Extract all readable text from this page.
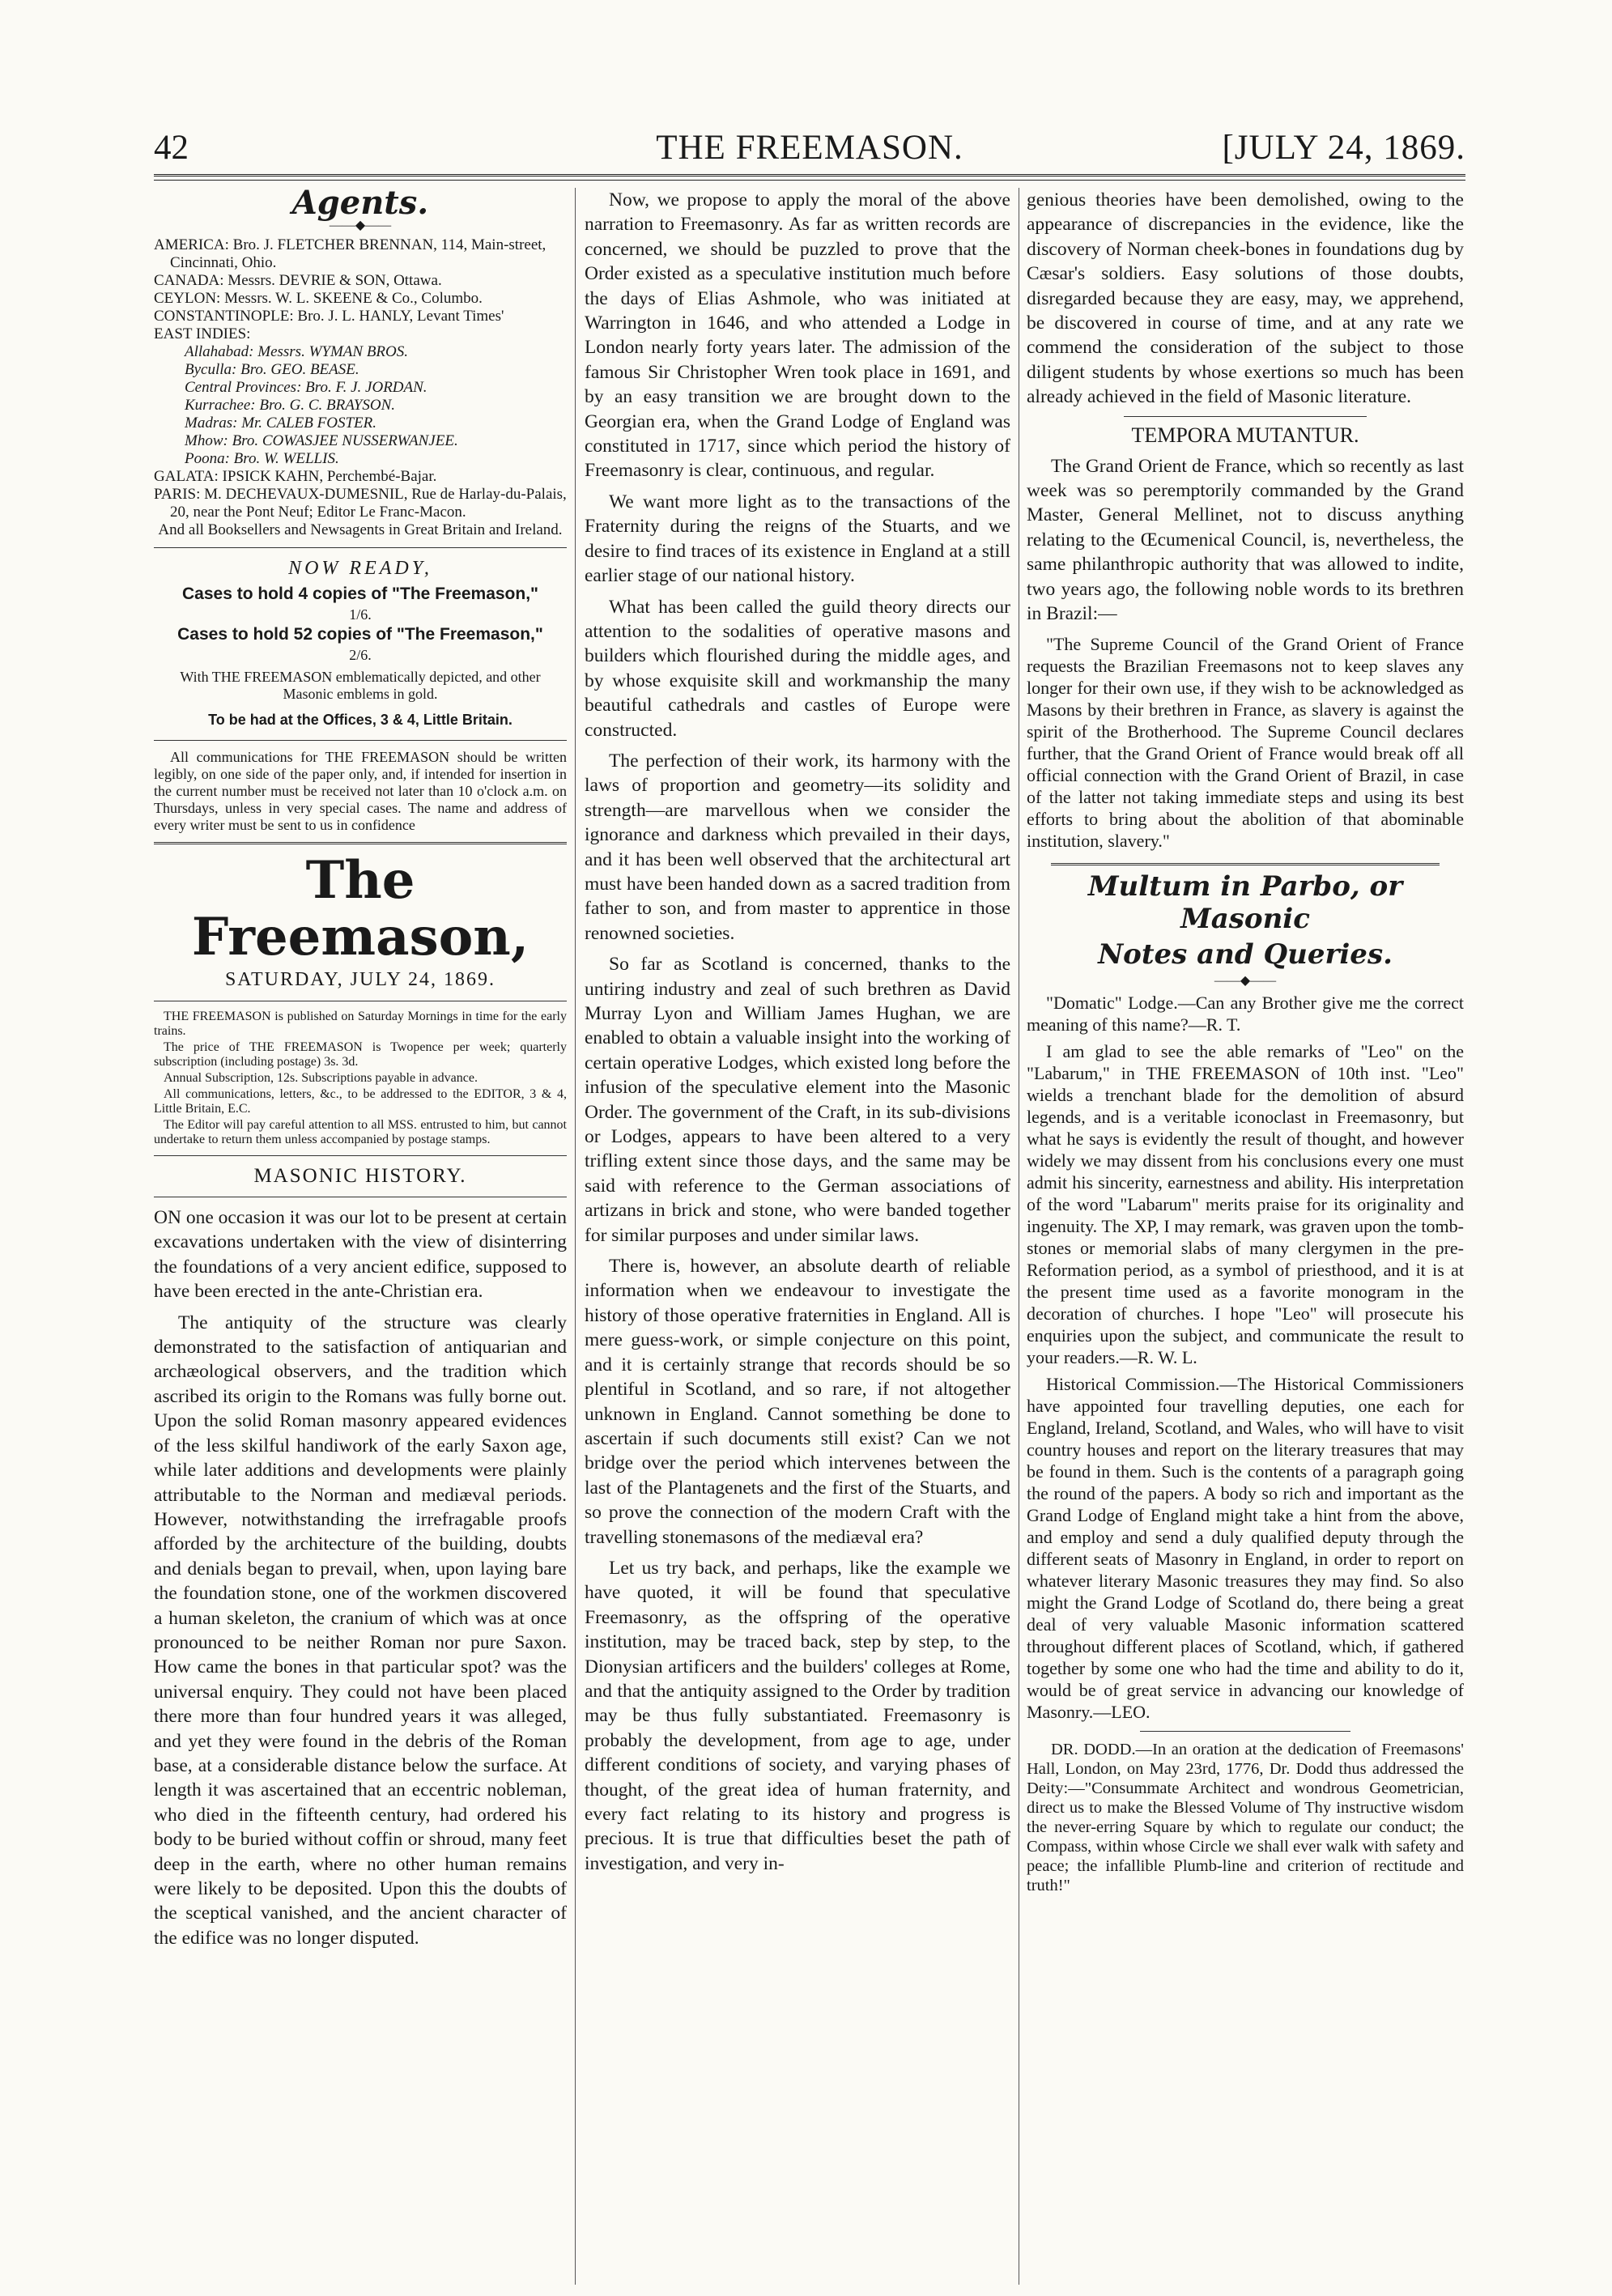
42	THE FREEMASON.	[JULY 24, 1869.
Agents.
——◆——
AMERICA: Bro. J. FLETCHER BRENNAN, 114, Main-street, Cincinnati, Ohio.
CANADA: Messrs. DEVRIE & SON, Ottawa.
CEYLON: Messrs. W. L. SKEENE & Co., Columbo.
CONSTANTINOPLE: Bro. J. L. HANLY, Levant Times'
EAST INDIES:
Allahabad: Messrs. WYMAN BROS.
Byculla: Bro. GEO. BEASE.
Central Provinces: Bro. F. J. JORDAN.
Kurrachee: Bro. G. C. BRAYSON.
Madras: Mr. CALEB FOSTER.
Mhow: Bro. COWASJEE NUSSERWANJEE.
Poona: Bro. W. WELLIS.
GALATA: IPSICK KAHN, Perchembé-Bajar.
PARIS: M. DECHEVAUX-DUMESNIL, Rue de Harlay-du-Palais, 20, near the Pont Neuf; Editor Le Franc-Macon.
And all Booksellers and Newsagents in Great Britain and Ireland.
NOW READY,
Cases to hold 4 copies of "The Freemason,"
1/6.
Cases to hold 52 copies of "The Freemason,"
2/6.
With THE FREEMASON emblematically depicted, and other Masonic emblems in gold.
To be had at the Offices, 3 & 4, Little Britain.

All communications for THE FREEMASON should be written legibly, on one side of the paper only, and, if intended for insertion in the current number must be received not later than 10 o'clock a.m. on Thursdays, unless in very special cases. The name and address of every writer must be sent to us in confidence

The Freemason,
SATURDAY, JULY 24, 1869.

THE FREEMASON is published on Saturday Mornings in time for the early trains.

The price of THE FREEMASON is Twopence per week; quarterly subscription (including postage) 3s. 3d.

Annual Subscription, 12s. Subscriptions payable in advance.

All communications, letters, &c., to be addressed to the EDITOR, 3 & 4, Little Britain, E.C.

The Editor will pay careful attention to all MSS. entrusted to him, but cannot undertake to return them unless accompanied by postage stamps.

MASONIC HISTORY.

ON one occasion it was our lot to be present at certain excavations undertaken with the view of disinterring the foundations of a very ancient edifice, supposed to have been erected in the ante-Christian era.

The antiquity of the structure was clearly demonstrated to the satisfaction of antiquarian and archæological observers, and the tradition which ascribed its origin to the Romans was fully borne out. Upon the solid Roman masonry appeared evidences of the less skilful handiwork of the early Saxon age, while later additions and developments were plainly attributable to the Norman and mediæval periods. However, notwithstanding the irrefragable proofs afforded by the architecture of the building, doubts and denials began to prevail, when, upon laying bare the foundation stone, one of the workmen discovered a human skeleton, the cranium of which was at once pronounced to be neither Roman nor pure Saxon. How came the bones in that particular spot? was the universal enquiry. They could not have been placed there more than four hundred years it was alleged, and yet they were found in the debris of the Roman base, at a considerable distance below the surface. At length it was ascertained that an eccentric nobleman, who died in the fifteenth century, had ordered his body to be buried without coffin or shroud, many feet deep in the earth, where no other human remains were likely to be deposited. Upon this the doubts of the sceptical vanished, and the ancient character of the edifice was no longer disputed.

Now, we propose to apply the moral of the above narration to Freemasonry. As far as written records are concerned, we should be puzzled to prove that the Order existed as a speculative institution much before the days of Elias Ashmole, who was initiated at Warrington in 1646, and who attended a Lodge in London nearly forty years later. The admission of the famous Sir Christopher Wren took place in 1691, and by an easy transition we are brought down to the Georgian era, when the Grand Lodge of England was constituted in 1717, since which period the history of Freemasonry is clear, continuous, and regular.

We want more light as to the transactions of the Fraternity during the reigns of the Stuarts, and we desire to find traces of its existence in England at a still earlier stage of our national history.

What has been called the guild theory directs our attention to the sodalities of operative masons and builders which flourished during the middle ages, and by whose exquisite skill and workmanship the many beautiful cathedrals and castles of Europe were constructed.

The perfection of their work, its harmony with the laws of proportion and geometry—its solidity and strength—are marvellous when we consider the ignorance and darkness which prevailed in their days, and it has been well observed that the architectural art must have been handed down as a sacred tradition from father to son, and from master to apprentice in those renowned societies.

So far as Scotland is concerned, thanks to the untiring industry and zeal of such brethren as David Murray Lyon and William James Hughan, we are enabled to obtain a valuable insight into the working of certain operative Lodges, which existed long before the infusion of the speculative element into the Masonic Order. The government of the Craft, in its sub-divisions or Lodges, appears to have been altered to a very trifling extent since those days, and the same may be said with reference to the German associations of artizans in brick and stone, who were banded together for similar purposes and under similar laws.

There is, however, an absolute dearth of reliable information when we endeavour to investigate the history of those operative fraternities in England. All is mere guess-work, or simple conjecture on this point, and it is certainly strange that records should be so plentiful in Scotland, and so rare, if not altogether unknown in England. Cannot something be done to ascertain if such documents still exist? Can we not bridge over the period which intervenes between the last of the Plantagenets and the first of the Stuarts, and so prove the connection of the modern Craft with the travelling stonemasons of the mediæval era?

Let us try back, and perhaps, like the example we have quoted, it will be found that speculative Freemasonry, as the offspring of the operative institution, may be traced back, step by step, to the Dionysian artificers and the builders' colleges at Rome, and that the antiquity assigned to the Order by tradition may be thus fully substantiated. Freemasonry is probably the development, from age to age, under different conditions of society, and varying phases of thought, of the great idea of human fraternity, and every fact relating to its history and progress is precious. It is true that difficulties beset the path of investigation, and very in-

genious theories have been demolished, owing to the appearance of discrepancies in the evidence, like the discovery of Norman cheek-bones in foundations dug by Cæsar's soldiers. Easy solutions of those doubts, disregarded because they are easy, may, we apprehend, be discovered in course of time, and at any rate we commend the consideration of the subject to those diligent students by whose exertions so much has been already achieved in the field of Masonic literature.

TEMPORA MUTANTUR.

The Grand Orient de France, which so recently as last week was so peremptorily commanded by the Grand Master, General Mellinet, not to discuss anything relating to the Œcumenical Council, is, nevertheless, the same philanthropic authority that was allowed to indite, two years ago, the following noble words to its brethren in Brazil:—

"The Supreme Council of the Grand Orient of France requests the Brazilian Freemasons not to keep slaves any longer for their own use, if they wish to be acknowledged as Masons by their brethren in France, as slavery is against the spirit of the Brotherhood. The Supreme Council declares further, that the Grand Orient of France would break off all official connection with the Grand Orient of Brazil, in case of the latter not taking immediate steps and using its best efforts to bring about the abolition of that abominable institution, slavery."

Multum in Parbo, or Masonic
Notes and Queries.
——◆——

"Domatic" Lodge.—Can any Brother give me the correct meaning of this name?—R. T.

I am glad to see the able remarks of "Leo" on the "Labarum," in THE FREEMASON of 10th inst. "Leo" wields a trenchant blade for the demolition of absurd legends, and is a veritable iconoclast in Freemasonry, but what he says is evidently the result of thought, and however widely we may dissent from his conclusions every one must admit his sincerity, earnestness and ability. His interpretation of the word "Labarum" merits praise for its originality and ingenuity. The XP, I may remark, was graven upon the tomb-stones or memorial slabs of many clergymen in the pre-Reformation period, as a symbol of priesthood, and it is at the present time used as a favorite monogram in the decoration of churches. I hope "Leo" will prosecute his enquiries upon the subject, and communicate the result to your readers.—R. W. L.

Historical Commission.—The Historical Commissioners have appointed four travelling deputies, one each for England, Ireland, Scotland, and Wales, who will have to visit country houses and report on the literary treasures that may be found in them. Such is the contents of a paragraph going the round of the papers. A body so rich and important as the Grand Lodge of England might take a hint from the above, and employ and send a duly qualified deputy through the different seats of Masonry in England, in order to report on whatever literary Masonic treasures they may find. So also might the Grand Lodge of Scotland do, there being a great deal of very valuable Masonic information scattered throughout different places of Scotland, which, if gathered together by some one who had the time and ability to do it, would be of great service in advancing our knowledge of Masonry.—LEO.

DR. DODD.—In an oration at the dedication of Freemasons' Hall, London, on May 23rd, 1776, Dr. Dodd thus addressed the Deity:—"Consummate Architect and wondrous Geometrician, direct us to make the Blessed Volume of Thy instructive wisdom the never-erring Square by which to regulate our conduct; the Compass, within whose Circle we shall ever walk with safety and peace; the infallible Plumb-line and criterion of rectitude and truth!"
